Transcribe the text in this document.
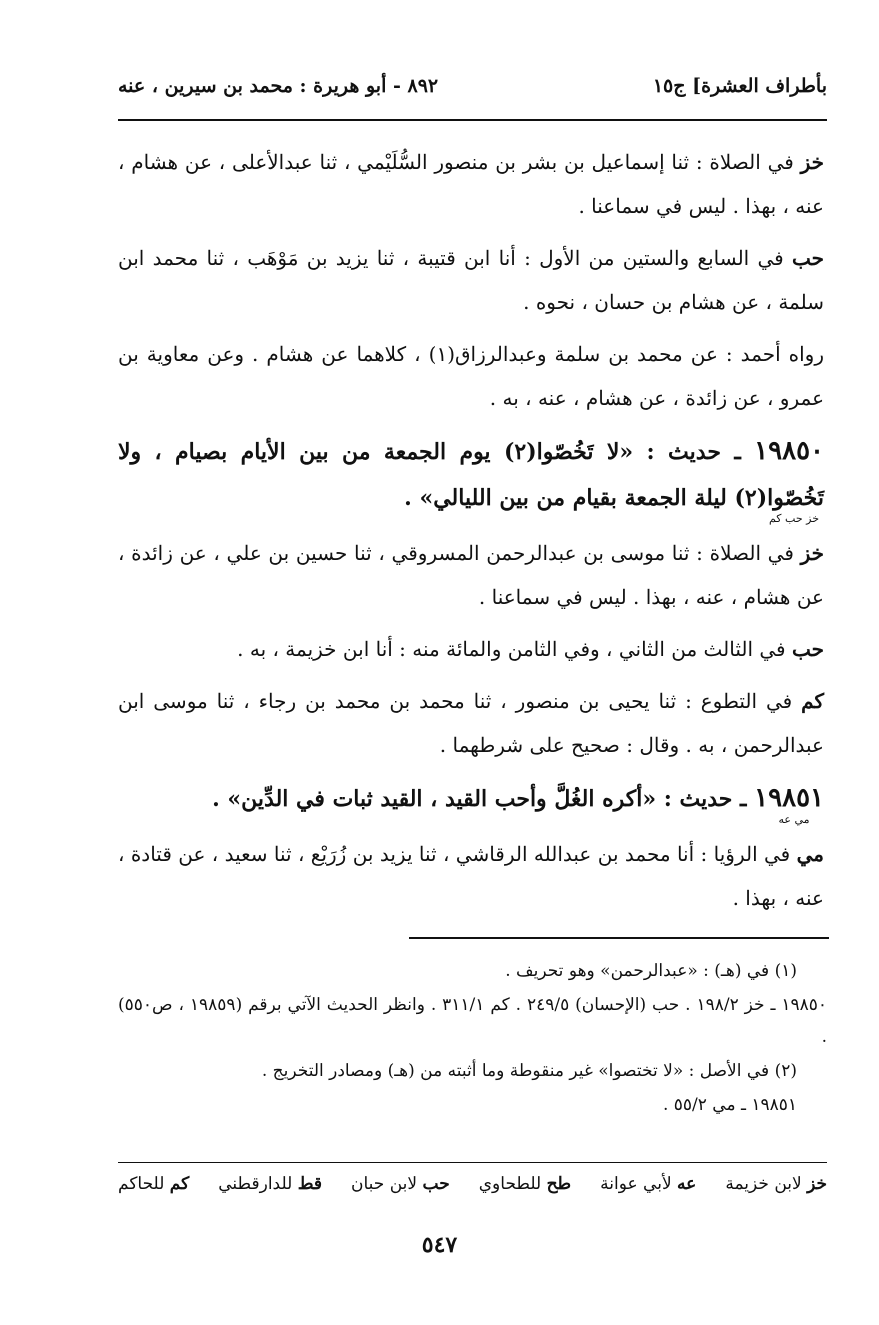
بأطراف العشرة] ج١٥
٨٩٢ - أبو هريرة : محمد بن سيرين ، عنه

خز في الصلاة : ثنا إسماعيل بن بشر بن منصور السُّلَيْمي ، ثنا عبدالأعلى ، عن هشام ، عنه ، بهذا . ليس في سماعنا .

حب في السابع والستين من الأول : أنا ابن قتيبة ، ثنا يزيد بن مَوْهَب ، ثنا محمد ابن سلمة ، عن هشام بن حسان ، نحوه .

رواه أحمد : عن محمد بن سلمة وعبدالرزاق(١) ، كلاهما عن هشام . وعن معاوية بن عمرو ، عن زائدة ، عن هشام ، عنه ، به .

١٩٨٥٠ ـ حديث : «لا تَخُصّوا(٢) يوم الجمعة من بين الأيام بصيام ، ولا تَخُصّوا(٢) ليلة الجمعة بقيام من بين الليالي» .
خز حب كم

خز في الصلاة : ثنا موسى بن عبدالرحمن المسروقي ، ثنا حسين بن علي ، عن زائدة ، عن هشام ، عنه ، بهذا . ليس في سماعنا .

حب في الثالث من الثاني ، وفي الثامن والمائة منه : أنا ابن خزيمة ، به .

كم في التطوع : ثنا يحيى بن منصور ، ثنا محمد بن محمد بن رجاء ، ثنا موسى ابن عبدالرحمن ، به . وقال : صحيح على شرطهما .

١٩٨٥١ ـ حديث : «أكره الغُلَّ وأحب القيد ، القيد ثبات في الدِّين» .
مي عه

مي في الرؤيا : أنا محمد بن عبدالله الرقاشي ، ثنا يزيد بن زُرَيْع ، ثنا سعيد ، عن قتادة ، عنه ، بهذا .

(١) في (هـ) : «عبدالرحمن» وهو تحريف .

١٩٨٥٠ ـ خز ١٩٨/٢ . حب (الإحسان) ٢٤٩/٥ . كم ٣١١/١ . وانظر الحديث الآتي برقم (١٩٨٥٩ ، ص٥٥٠) .

(٢) في الأصل : «لا تختصوا» غير منقوطة وما أثبته من (هـ) ومصادر التخريج .

١٩٨٥١ ـ مي ٥٥/٢ .

خز لابن خزيمة
عه لأبي عوانة
طح للطحاوي
حب لابن حبان
قط للدارقطني
كم للحاكم
٥٤٧
